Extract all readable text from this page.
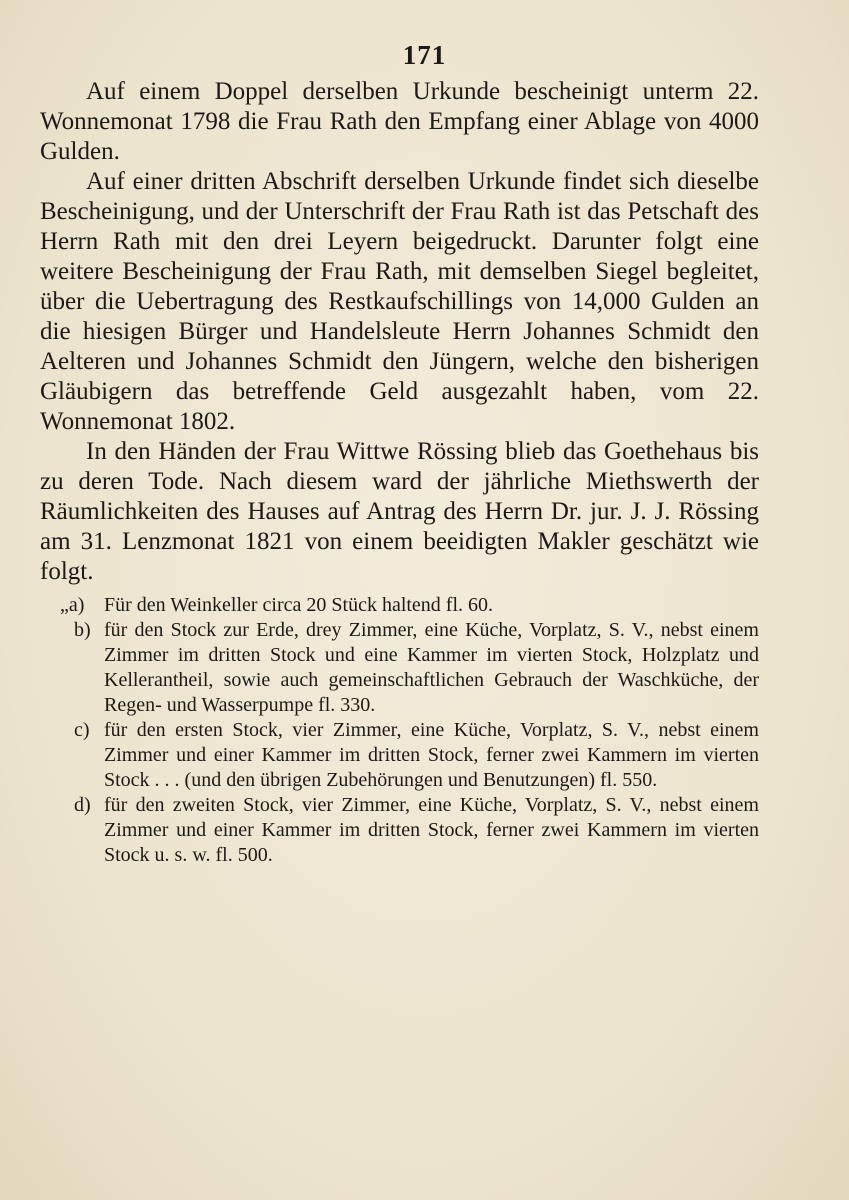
171

Auf einem Doppel derselben Urkunde bescheinigt unterm 22. Wonnemonat 1798 die Frau Rath den Empfang einer Ablage von 4000 Gulden.

Auf einer dritten Abschrift derselben Urkunde findet sich dieselbe Bescheinigung, und der Unterschrift der Frau Rath ist das Petschaft des Herrn Rath mit den drei Leyern beigedruckt. Darunter folgt eine weitere Bescheinigung der Frau Rath, mit demselben Siegel begleitet, über die Uebertragung des Restkaufschillings von 14,000 Gulden an die hiesigen Bürger und Handelsleute Herrn Johannes Schmidt den Aelteren und Johannes Schmidt den Jüngern, welche den bisherigen Gläubigern das betreffende Geld ausgezahlt haben, vom 22. Wonnemonat 1802.

In den Händen der Frau Wittwe Rössing blieb das Goethehaus bis zu deren Tode. Nach diesem ward der jährliche Miethswerth der Räumlichkeiten des Hauses auf Antrag des Herrn Dr. jur. J. J. Rössing am 31. Lenzmonat 1821 von einem beeidigten Makler geschätzt wie folgt.

„a) Für den Weinkeller circa 20 Stück haltend fl. 60.

b) für den Stock zur Erde, drey Zimmer, eine Küche, Vorplatz, S. V., nebst einem Zimmer im dritten Stock und eine Kammer im vierten Stock, Holzplatz und Kellerantheil, sowie auch gemeinschaftlichen Gebrauch der Waschküche, der Regen- und Wasserpumpe fl. 330.

c) für den ersten Stock, vier Zimmer, eine Küche, Vorplatz, S. V., nebst einem Zimmer und einer Kammer im dritten Stock, ferner zwei Kammern im vierten Stock . . . (und den übrigen Zubehörungen und Benutzungen) fl. 550.

d) für den zweiten Stock, vier Zimmer, eine Küche, Vorplatz, S. V., nebst einem Zimmer und einer Kammer im dritten Stock, ferner zwei Kammern im vierten Stock u. s. w. fl. 500.
